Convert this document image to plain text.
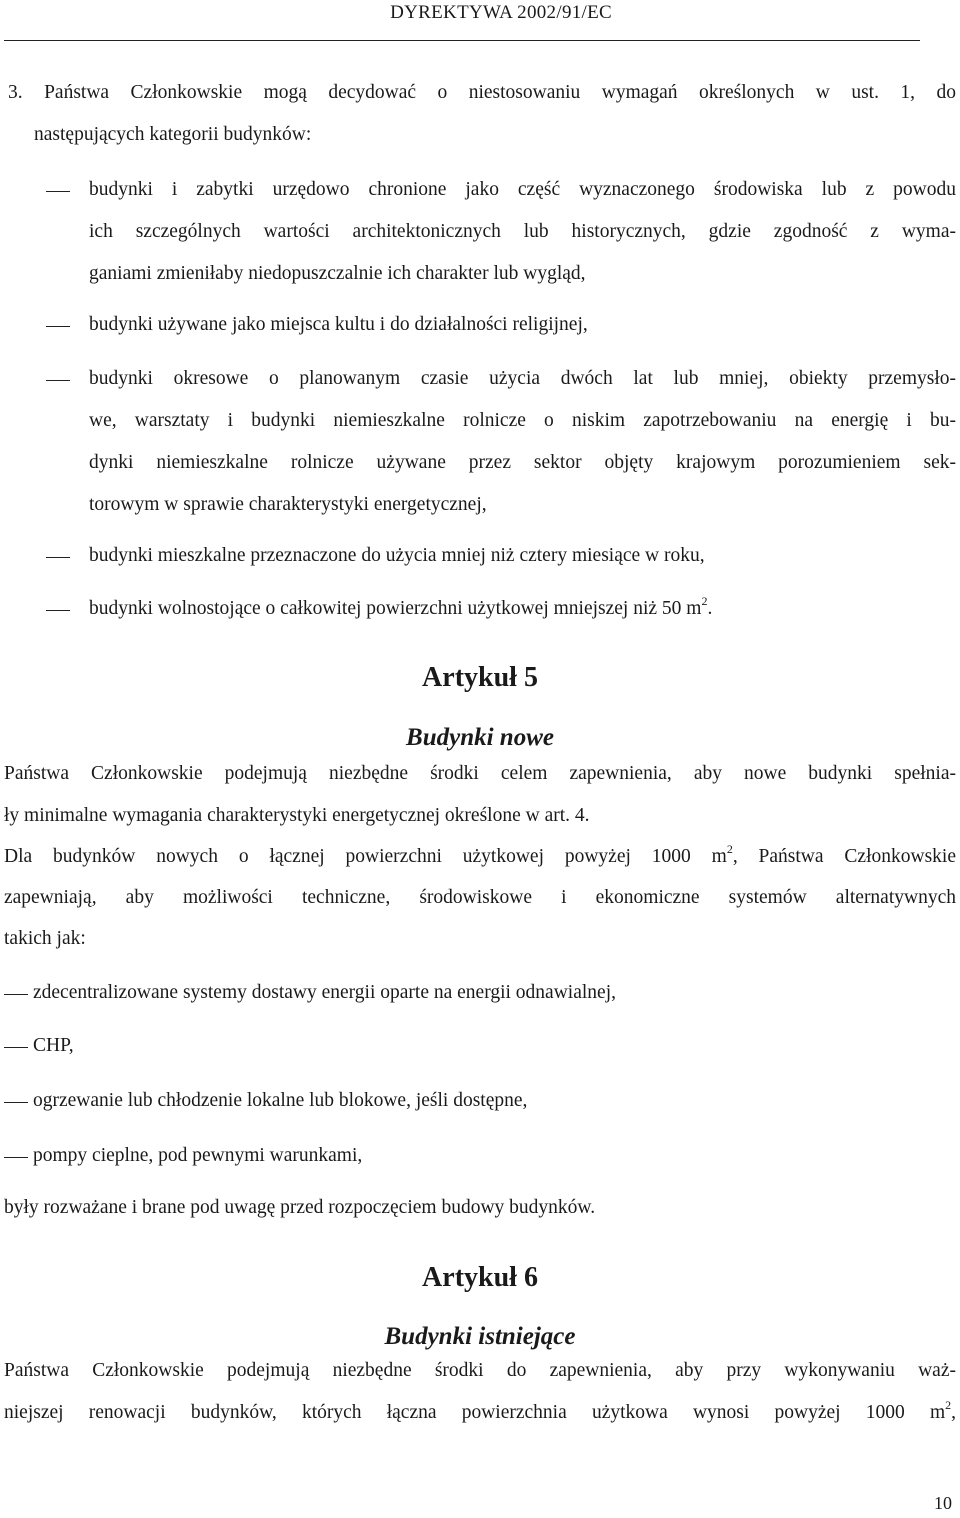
DYREKTYWA 2002/91/EC
3. Państwa Członkowskie mogą decydować o niestosowaniu wymagań określonych w ust. 1, do
następujących kategorii budynków:
budynki i zabytki urzędowo chronione jako część wyznaczonego środowiska lub z powodu
ich szczególnych wartości architektonicznych lub historycznych, gdzie zgodność z wyma-
ganiami zmieniłaby niedopuszczalnie ich charakter lub wygląd,
budynki używane jako miejsca kultu i do działalności religijnej,
budynki okresowe o planowanym czasie użycia dwóch lat lub mniej, obiekty przemysło-
we, warsztaty i budynki niemieszkalne rolnicze o niskim zapotrzebowaniu na energię i bu-
dynki niemieszkalne rolnicze używane przez sektor objęty krajowym porozumieniem sek-
torowym w sprawie charakterystyki energetycznej,
budynki mieszkalne przeznaczone do użycia mniej niż cztery miesiące w roku,
budynki wolnostojące o całkowitej powierzchni użytkowej mniejszej niż 50 $m^2$.
Artykuł 5
Budynki nowe
Państwa Członkowskie podejmują niezbędne środki celem zapewnienia, aby nowe budynki spełnia-
ły minimalne wymagania charakterystyki energetycznej określone w art. 4.
Dla budynków nowych o łącznej powierzchni użytkowej powyżej 1000 $m^2$, Państwa Członkowskie
zapewniają, aby możliwości techniczne, środowiskowe i ekonomiczne systemów alternatywnych
takich jak:
zdecentralizowane systemy dostawy energii oparte na energii odnawialnej,
CHP,
ogrzewanie lub chłodzenie lokalne lub blokowe, jeśli dostępne,
pompy cieplne, pod pewnymi warunkami,
były rozważane i brane pod uwagę przed rozpoczęciem budowy budynków.
Artykuł 6
Budynki istniejące
Państwa Członkowskie podejmują niezbędne środki do zapewnienia, aby przy wykonywaniu waż-
niejszej renowacji budynków, których łączna powierzchnia użytkowa wynosi powyżej 1000 $m^2$,
10
